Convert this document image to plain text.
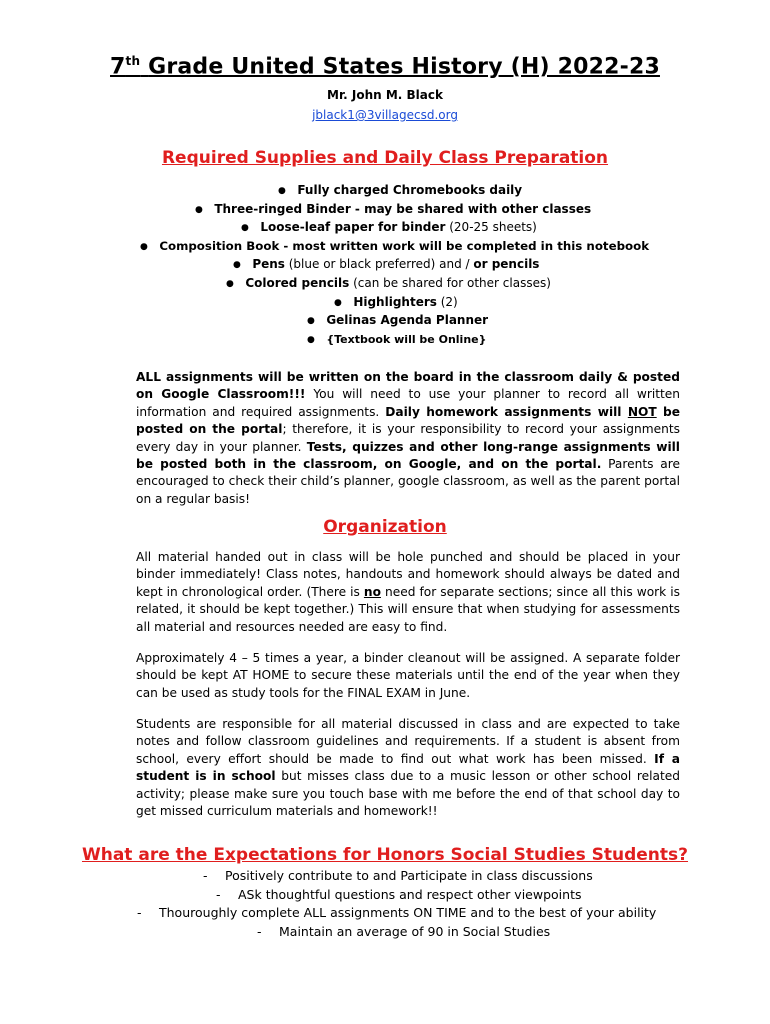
7th Grade United States History (H) 2022-23
Mr. John M. Black
jblack1@3villagecsd.org
Required Supplies and Daily Class Preparation
● Fully charged Chromebooks daily
● Three-ringed Binder - may be shared with other classes
● Loose-leaf paper for binder (20-25 sheets)
● Composition Book - most written work will be completed in this notebook
● Pens (blue or black preferred) and / or pencils
● Colored pencils (can be shared for other classes)
● Highlighters (2)
● Gelinas Agenda Planner
● {Textbook will be Online}

ALL assignments will be written on the board in the classroom daily & posted on Google Classroom!!! You will need to use your planner to record all written information and required assignments. Daily homework assignments will NOT be posted on the portal; therefore, it is your responsibility to record your assignments every day in your planner. Tests, quizzes and other long-range assignments will be posted both in the classroom, on Google, and on the portal. Parents are encouraged to check their child’s planner, google classroom, as well as the parent portal on a regular basis!

Organization

All material handed out in class will be hole punched and should be placed in your binder immediately! Class notes, handouts and homework should always be dated and kept in chronological order. (There is no need for separate sections; since all this work is related, it should be kept together.) This will ensure that when studying for assessments all material and resources needed are easy to find.

Approximately 4 – 5 times a year, a binder cleanout will be assigned. A separate folder should be kept AT HOME to secure these materials until the end of the year when they can be used as study tools for the FINAL EXAM in June.

Students are responsible for all material discussed in class and are expected to take notes and follow classroom guidelines and requirements. If a student is absent from school, every effort should be made to find out what work has been missed. If a student is in school but misses class due to a music lesson or other school related activity; please make sure you touch base with me before the end of that school day to get missed curriculum materials and homework!!

What are the Expectations for Honors Social Studies Students?
- Positively contribute to and Participate in class discussions
- ASk thoughtful questions and respect other viewpoints
- Thouroughly complete ALL assignments ON TIME and to the best of your ability
- Maintain an average of 90 in Social Studies
